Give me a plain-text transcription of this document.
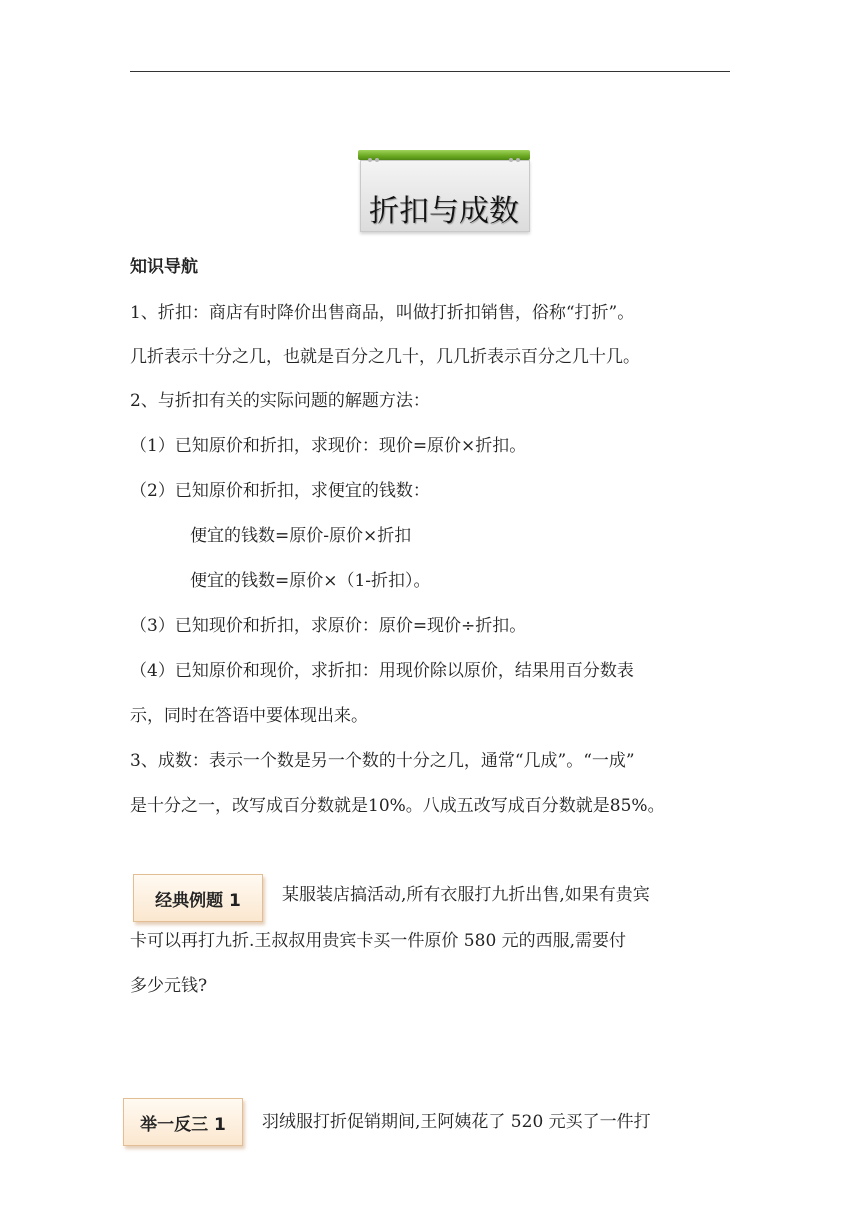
折扣与成数
知识导航
1、折扣：商店有时降价出售商品，叫做打折扣销售，俗称“打折”。
几折表示十分之几，也就是百分之几十，几几折表示百分之几十几。
2、与折扣有关的实际问题的解题方法：
（1）已知原价和折扣，求现价：现价=原价×折扣。
（2）已知原价和折扣，求便宜的钱数：
便宜的钱数=原价-原价×折扣
便宜的钱数=原价×（1-折扣）。
（3）已知现价和折扣，求原价：原价=现价÷折扣。
（4）已知原价和现价，求折扣：用现价除以原价，结果用百分数表
示，同时在答语中要体现出来。
3、成数：表示一个数是另一个数的十分之几，通常“几成”。“一成”
是十分之一，改写成百分数就是10%。八成五改写成百分数就是85%。
经典例题 1	某服装店搞活动,所有衣服打九折出售,如果有贵宾
卡可以再打九折.王叔叔用贵宾卡买一件原价 580 元的西服,需要付
多少元钱?
举一反三 1	羽绒服打折促销期间,王阿姨花了 520 元买了一件打
